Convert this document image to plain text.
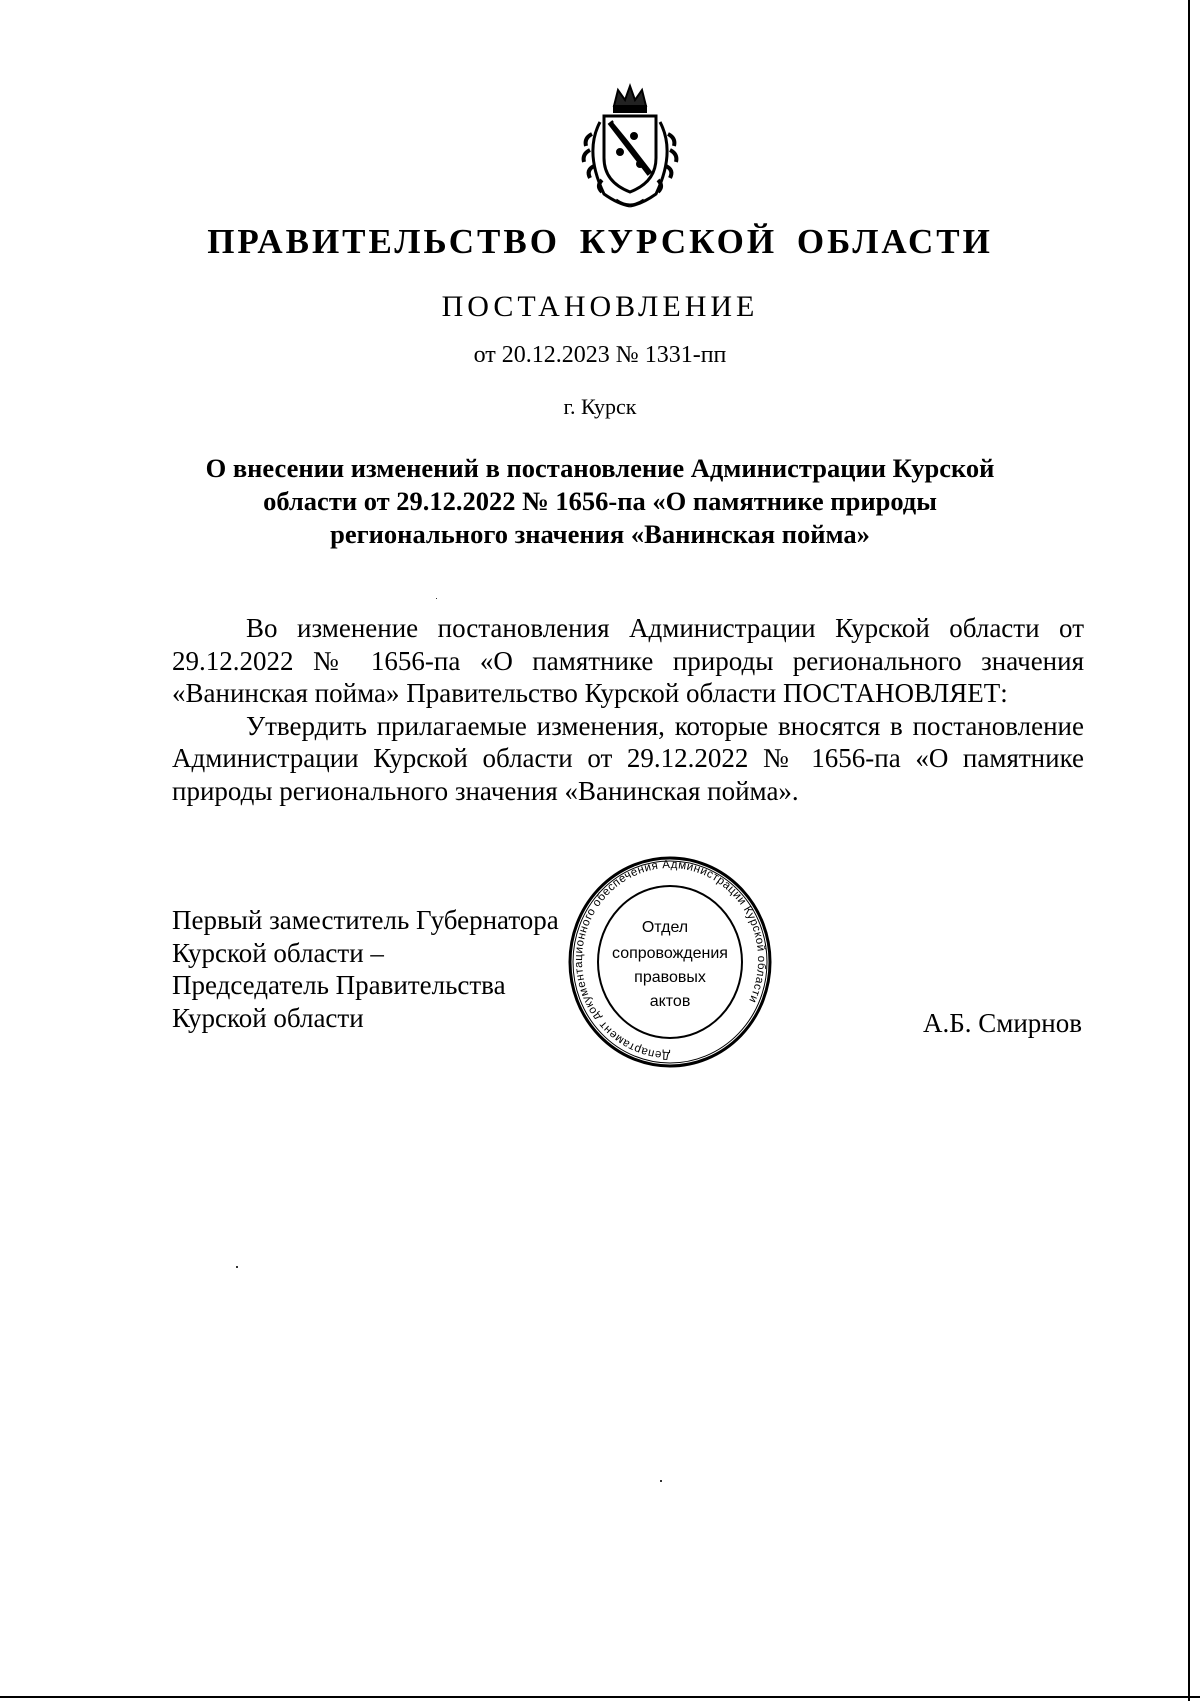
ПРАВИТЕЛЬСТВО КУРСКОЙ ОБЛАСТИ
ПОСТАНОВЛЕНИЕ
от 20.12.2023 № 1331-пп
г. Курск
О внесении изменений в постановление Администрации Курской
области от 29.12.2022 № 1656-па «О памятнике природы
регионального значения «Ванинская пойма»

Во изменение постановления Администрации Курской области от 29.12.2022 № 1656-па «О памятнике природы регионального значения «Ванинская пойма» Правительство Курской области ПОСТАНОВЛЯЕТ:

Утвердить прилагаемые изменения, которые вносятся в постановление Администрации Курской области от 29.12.2022 № 1656-па «О памятнике природы регионального значения «Ванинская пойма».

Первый заместитель Губернатора
Курской области –
Председатель Правительства
Курской области	А.Б. Смирнов
Департамент документационного обеспечения Администрации Курской области
Отдел
сопровождения
правовых
актов
